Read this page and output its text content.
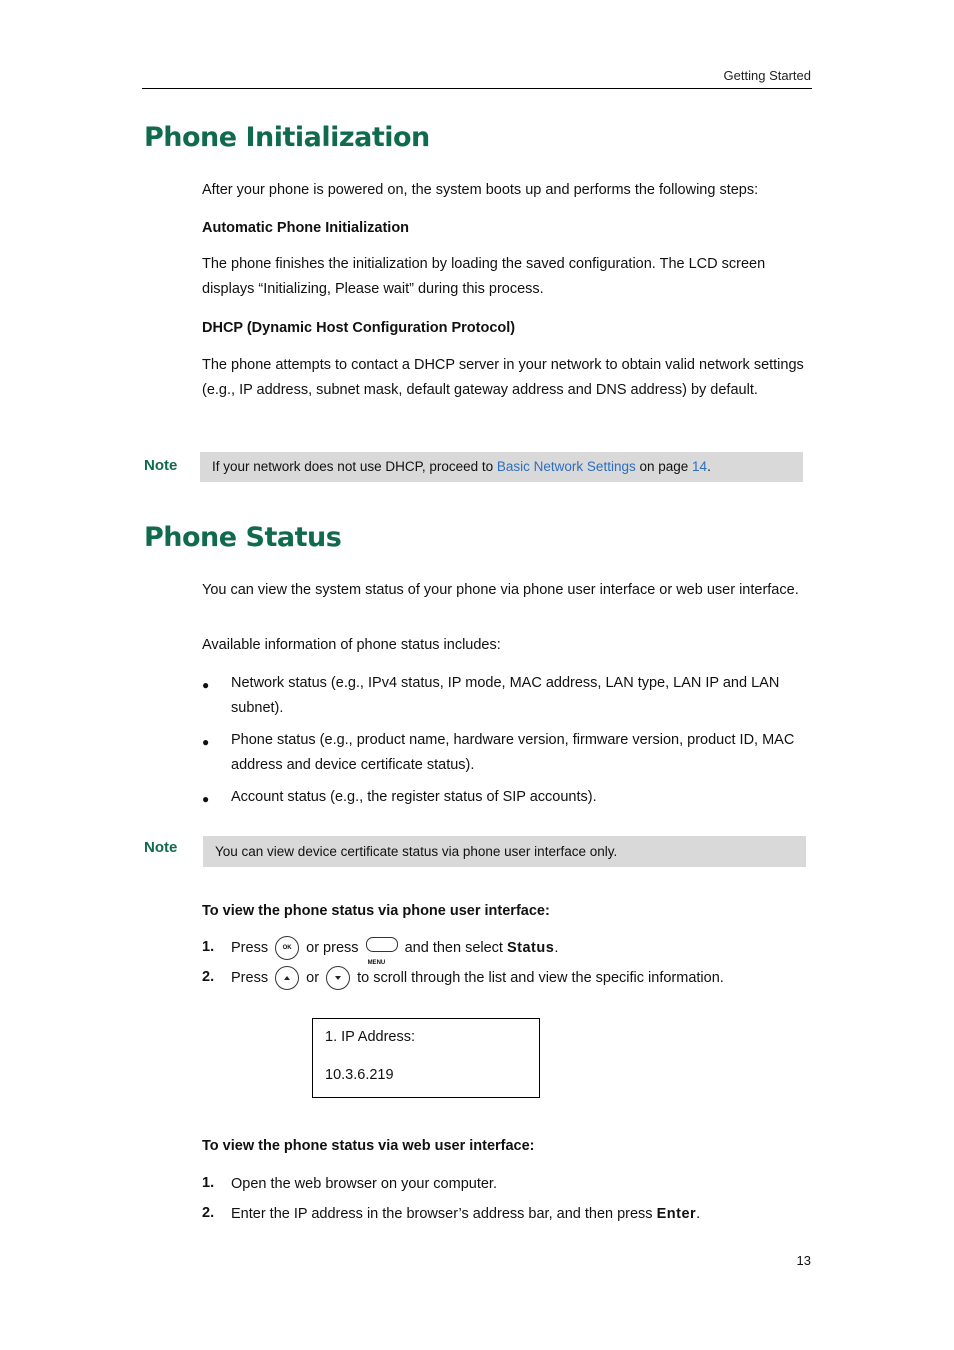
Getting Started
Phone Initialization
After your phone is powered on, the system boots up and performs the following steps:
Automatic Phone Initialization
The phone finishes the initialization by loading the saved configuration. The LCD screen displays “Initializing, Please wait” during this process.
DHCP (Dynamic Host Configuration Protocol)
The phone attempts to contact a DHCP server in your network to obtain valid network settings (e.g., IP address, subnet mask, default gateway address and DNS address) by default.
Note	If your network does not use DHCP, proceed to Basic Network Settings on page 14.
Phone Status
You can view the system status of your phone via phone user interface or web user interface.
Available information of phone status includes:
● Network status (e.g., IPv4 status, IP mode, MAC address, LAN type, LAN IP and LAN subnet).
● Phone status (e.g., product name, hardware version, firmware version, product ID, MAC address and device certificate status).
● Account status (e.g., the register status of SIP accounts).
Note	You can view device certificate status via phone user interface only.
To view the phone status via phone user interface:
1. Press OK or press
MENU
and then select Status.
2. Press	or	to scroll through the list and view the specific information.
1. IP Address:
10.3.6.219
To view the phone status via web user interface:
1. Open the web browser on your computer.
2. Enter the IP address in the browser’s address bar, and then press Enter.
13
